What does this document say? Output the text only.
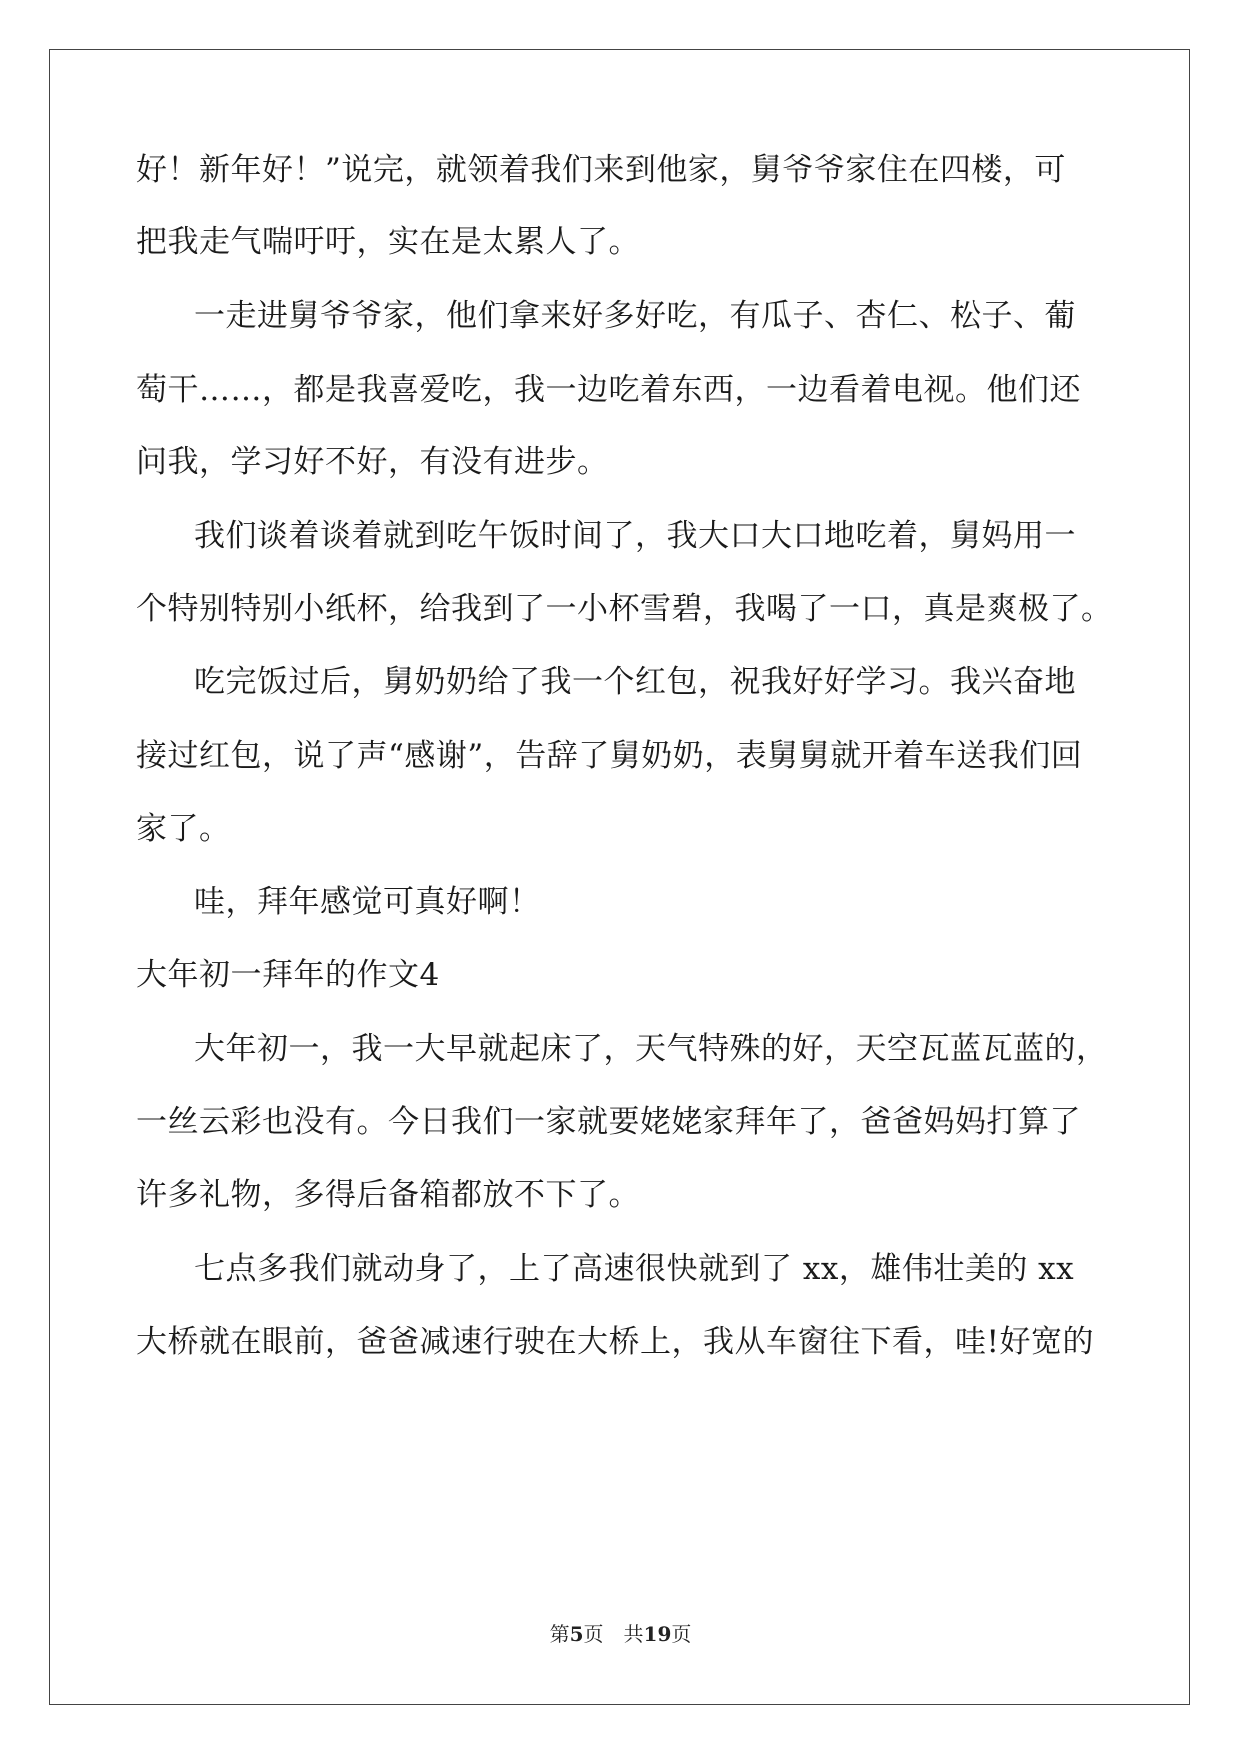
好！新年好！”说完，就领着我们来到他家，舅爷爷家住在四楼，可
把我走气喘吁吁，实在是太累人了。
一走进舅爷爷家，他们拿来好多好吃，有瓜子、杏仁、松子、葡
萄干……，都是我喜爱吃，我一边吃着东西，一边看着电视。他们还
问我，学习好不好，有没有进步。
我们谈着谈着就到吃午饭时间了，我大口大口地吃着，舅妈用一
个特别特别小纸杯，给我到了一小杯雪碧，我喝了一口，真是爽极了。
吃完饭过后，舅奶奶给了我一个红包，祝我好好学习。我兴奋地
接过红包，说了声“感谢”，告辞了舅奶奶，表舅舅就开着车送我们回
家了。
哇，拜年感觉可真好啊！
大年初一拜年的作文4
大年初一，我一大早就起床了，天气特殊的好，天空瓦蓝瓦蓝的，
一丝云彩也没有。今日我们一家就要姥姥家拜年了，爸爸妈妈打算了
许多礼物，多得后备箱都放不下了。
七点多我们就动身了，上了高速很快就到了 xx，雄伟壮美的 xx
大桥就在眼前，爸爸减速行驶在大桥上，我从车窗往下看，哇!好宽的
第5页　共19页
